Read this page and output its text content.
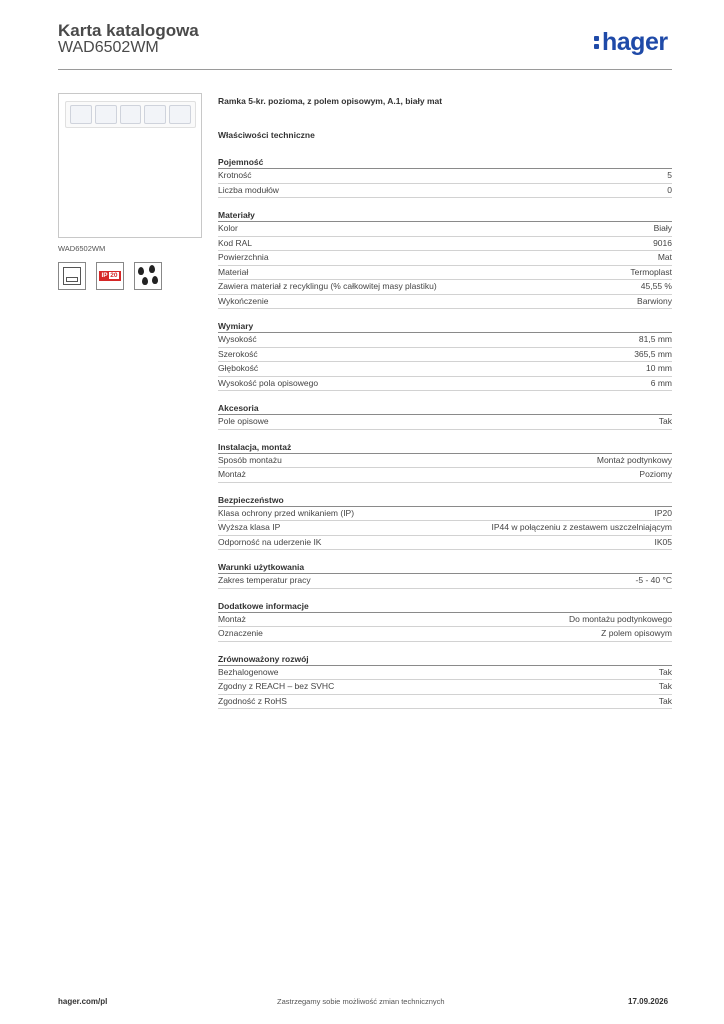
Karta katalogowa
WAD6502WM	hager
WAD6502WM
IP 20
Ramka 5-kr. pozioma, z polem opisowym, A.1, biały mat
Właściwości techniczne
Pojemność
Krotność	5
Liczba modułów	0
Materiały
Kolor	Biały
Kod RAL	9016
Powierzchnia	Mat
Materiał	Termoplast
Zawiera materiał z recyklingu (% całkowitej masy plastiku)	45,55 %
Wykończenie	Barwiony
Wymiary
Wysokość	81,5 mm
Szerokość	365,5 mm
Głębokość	10 mm
Wysokość pola opisowego	6 mm
Akcesoria
Pole opisowe	Tak
Instalacja, montaż
Sposób montażu	Montaż podtynkowy
Montaż	Poziomy
Bezpieczeństwo
Klasa ochrony przed wnikaniem (IP)	IP20
Wyższa klasa IP	IP44 w połączeniu z zestawem uszczelniającym
Odporność na uderzenie IK	IK05
Warunki użytkowania
Zakres temperatur pracy	-5 - 40 °C
Dodatkowe informacje
Montaż	Do montażu podtynkowego
Oznaczenie	Z polem opisowym
Zrównoważony rozwój
Bezhalogenowe	Tak
Zgodny z REACH – bez SVHC	Tak
Zgodność z RoHS	Tak
hager.com/pl	Zastrzegamy sobie możliwość zmian technicznych	17.09.2026
